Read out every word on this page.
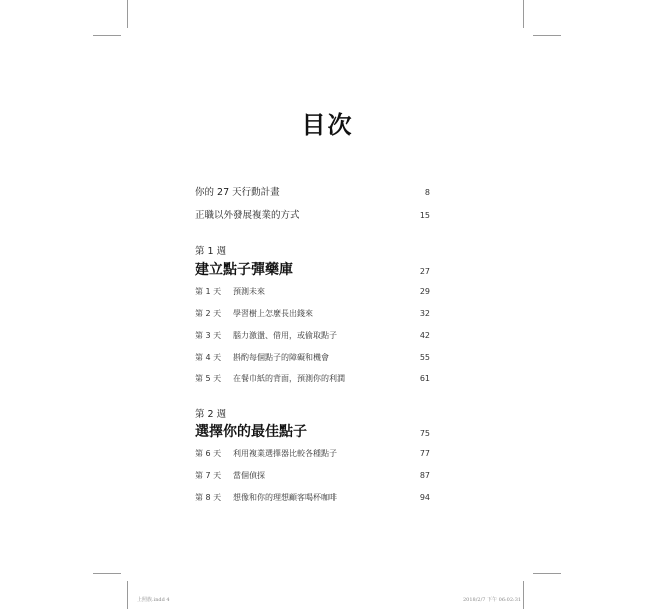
目次
你的 27 天行動計畫	8
正職以外發展複業的方式	15
第 1 週
建立點子彈藥庫	27
第 1 天 預測未來	29
第 2 天 學習樹上怎麼長出錢來	32
第 3 天 腦力激盪、借用，或偷取點子	42
第 4 天 斟酌每個點子的障礙和機會	55
第 5 天 在餐巾紙的背面，預測你的利潤	61
第 2 週
選擇你的最佳點子	75
第 6 天 利用複業選擇器比較各種點子	77
第 7 天 當個偵探	87
第 8 天 想像和你的理想顧客喝杯咖啡	94
上照族.indd 4	2018/2/7 下午 06:02:31
